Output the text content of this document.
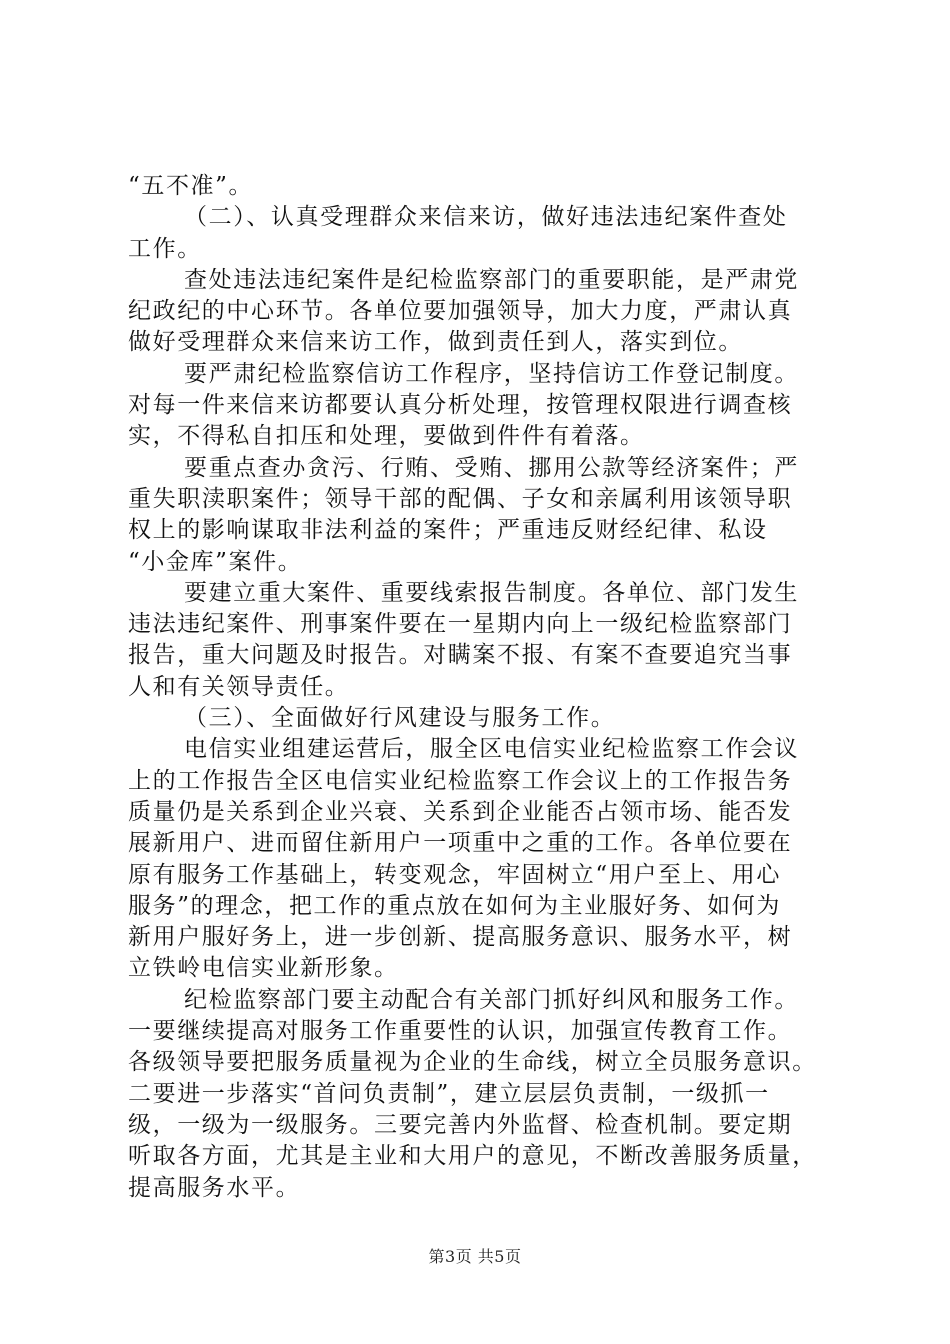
“五不准”。
（二）、认真受理群众来信来访，做好违法违纪案件查处
工作。
查处违法违纪案件是纪检监察部门的重要职能，是严肃党
纪政纪的中心环节。各单位要加强领导，加大力度，严肃认真
做好受理群众来信来访工作，做到责任到人，落实到位。
要严肃纪检监察信访工作程序，坚持信访工作登记制度。
对每一件来信来访都要认真分析处理，按管理权限进行调查核
实，不得私自扣压和处理，要做到件件有着落。
要重点查办贪污、行贿、受贿、挪用公款等经济案件；严
重失职渎职案件；领导干部的配偶、子女和亲属利用该领导职
权上的影响谋取非法利益的案件；严重违反财经纪律、私设
“小金库”案件。
要建立重大案件、重要线索报告制度。各单位、部门发生
违法违纪案件、刑事案件要在一星期内向上一级纪检监察部门
报告，重大问题及时报告。对瞒案不报、有案不查要追究当事
人和有关领导责任。
（三）、全面做好行风建设与服务工作。
电信实业组建运营后，服全区电信实业纪检监察工作会议
上的工作报告全区电信实业纪检监察工作会议上的工作报告务
质量仍是关系到企业兴衰、关系到企业能否占领市场、能否发
展新用户、进而留住新用户一项重中之重的工作。各单位要在
原有服务工作基础上，转变观念，牢固树立“用户至上、用心
服务”的理念，把工作的重点放在如何为主业服好务、如何为
新用户服好务上，进一步创新、提高服务意识、服务水平，树
立铁岭电信实业新形象。
纪检监察部门要主动配合有关部门抓好纠风和服务工作。
一要继续提高对服务工作重要性的认识，加强宣传教育工作。
各级领导要把服务质量视为企业的生命线，树立全员服务意识。
二要进一步落实“首问负责制”，建立层层负责制，一级抓一
级，一级为一级服务。三要完善内外监督、检查机制。要定期
听取各方面，尤其是主业和大用户的意见，不断改善服务质量，
提高服务水平。
第3页 共5页
